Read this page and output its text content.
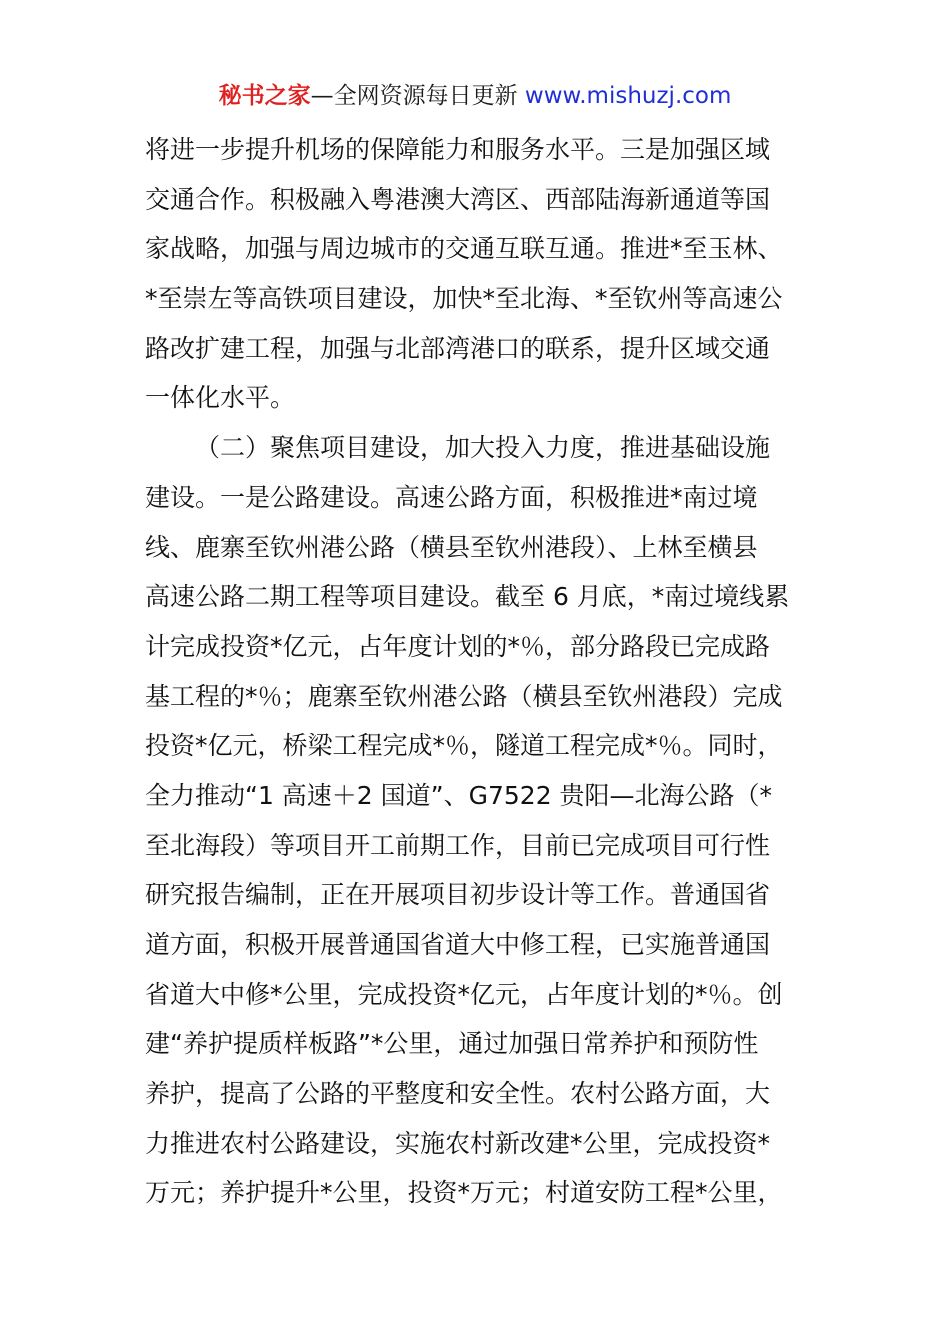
秘书之家—全网资源每日更新 www.mishuzj.com
将进一步提升机场的保障能力和服务水平。三是加强区域
交通合作。积极融入粤港澳大湾区、西部陆海新通道等国
家战略，加强与周边城市的交通互联互通。推进*至玉林、
*至崇左等高铁项目建设，加快*至北海、*至钦州等高速公
路改扩建工程，加强与北部湾港口的联系，提升区域交通
一体化水平。
（二）聚焦项目建设，加大投入力度，推进基础设施
建设。一是公路建设。高速公路方面，积极推进*南过境
线、鹿寨至钦州港公路（横县至钦州港段）、上林至横县
高速公路二期工程等项目建设。截至 6 月底，*南过境线累
计完成投资*亿元，占年度计划的*％，部分路段已完成路
基工程的*％；鹿寨至钦州港公路（横县至钦州港段）完成
投资*亿元，桥梁工程完成*％，隧道工程完成*％。同时，
全力推动“1 高速＋2 国道”、G7522 贵阳—北海公路（*
至北海段）等项目开工前期工作，目前已完成项目可行性
研究报告编制，正在开展项目初步设计等工作。普通国省
道方面，积极开展普通国省道大中修工程，已实施普通国
省道大中修*公里，完成投资*亿元，占年度计划的*％。创
建“养护提质样板路”*公里，通过加强日常养护和预防性
养护，提高了公路的平整度和安全性。农村公路方面，大
力推进农村公路建设，实施农村新改建*公里，完成投资*
万元；养护提升*公里，投资*万元；村道安防工程*公里，
